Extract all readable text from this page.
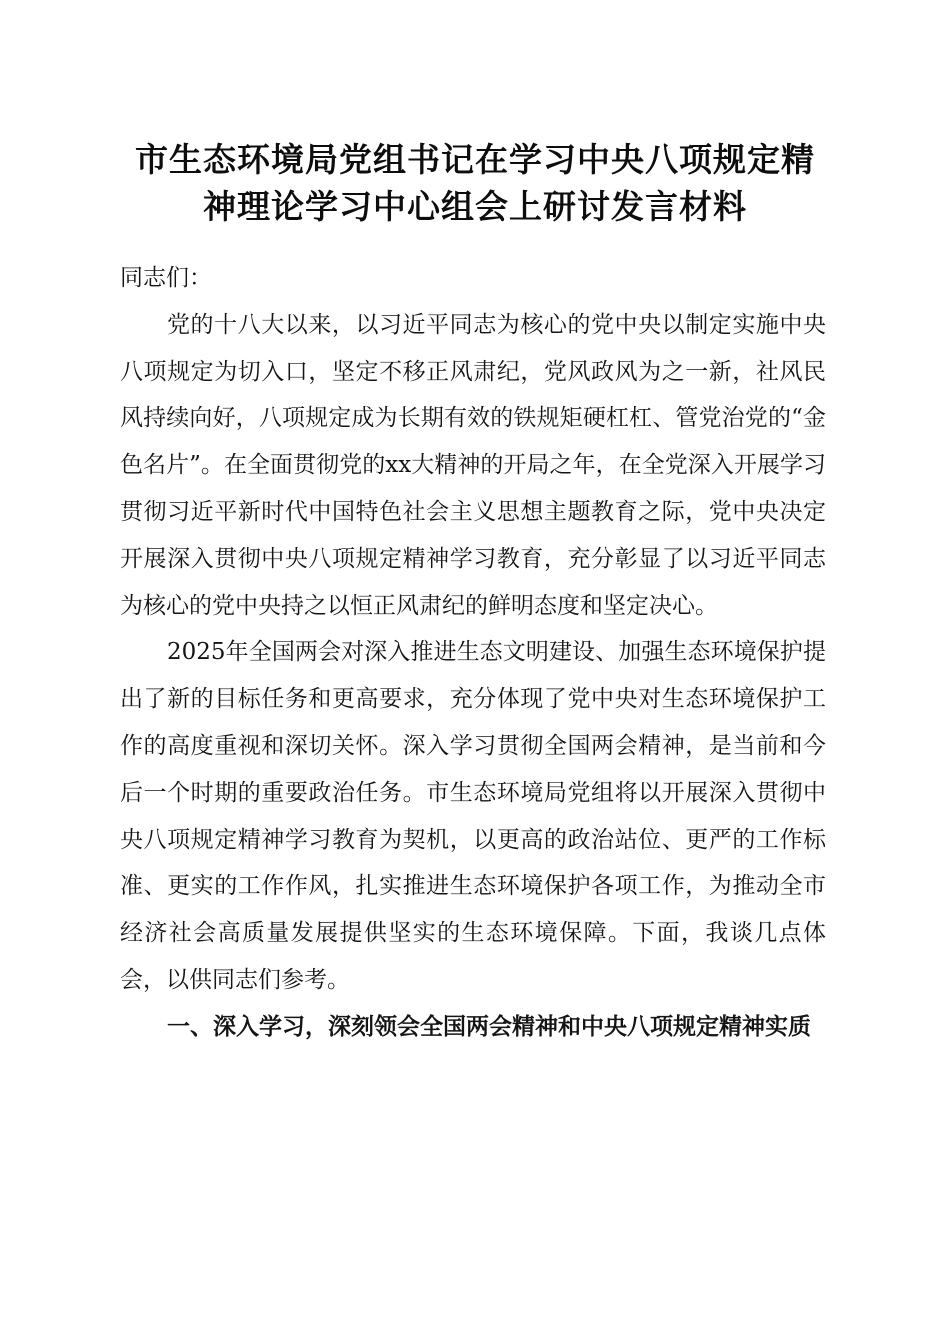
市生态环境局党组书记在学习中央八项规定精
神理论学习中心组会上研讨发言材料

同志们：

党的十八大以来，以习近平同志为核心的党中央以制定实施中央八项规定为切入口，坚定不移正风肃纪，党风政风为之一新，社风民风持续向好，八项规定成为长期有效的铁规矩硬杠杠、管党治党的“金色名片”。在全面贯彻党的xx大精神的开局之年，在全党深入开展学习贯彻习近平新时代中国特色社会主义思想主题教育之际，党中央决定开展深入贯彻中央八项规定精神学习教育，充分彰显了以习近平同志为核心的党中央持之以恒正风肃纪的鲜明态度和坚定决心。

2025年全国两会对深入推进生态文明建设、加强生态环境保护提出了新的目标任务和更高要求，充分体现了党中央对生态环境保护工作的高度重视和深切关怀。深入学习贯彻全国两会精神，是当前和今后一个时期的重要政治任务。市生态环境局党组将以开展深入贯彻中央八项规定精神学习教育为契机，以更高的政治站位、更严的工作标准、更实的工作作风，扎实推进生态环境保护各项工作，为推动全市经济社会高质量发展提供坚实的生态环境保障。下面，我谈几点体会，以供同志们参考。

一、深入学习，深刻领会全国两会精神和中央八项规定精神实质
